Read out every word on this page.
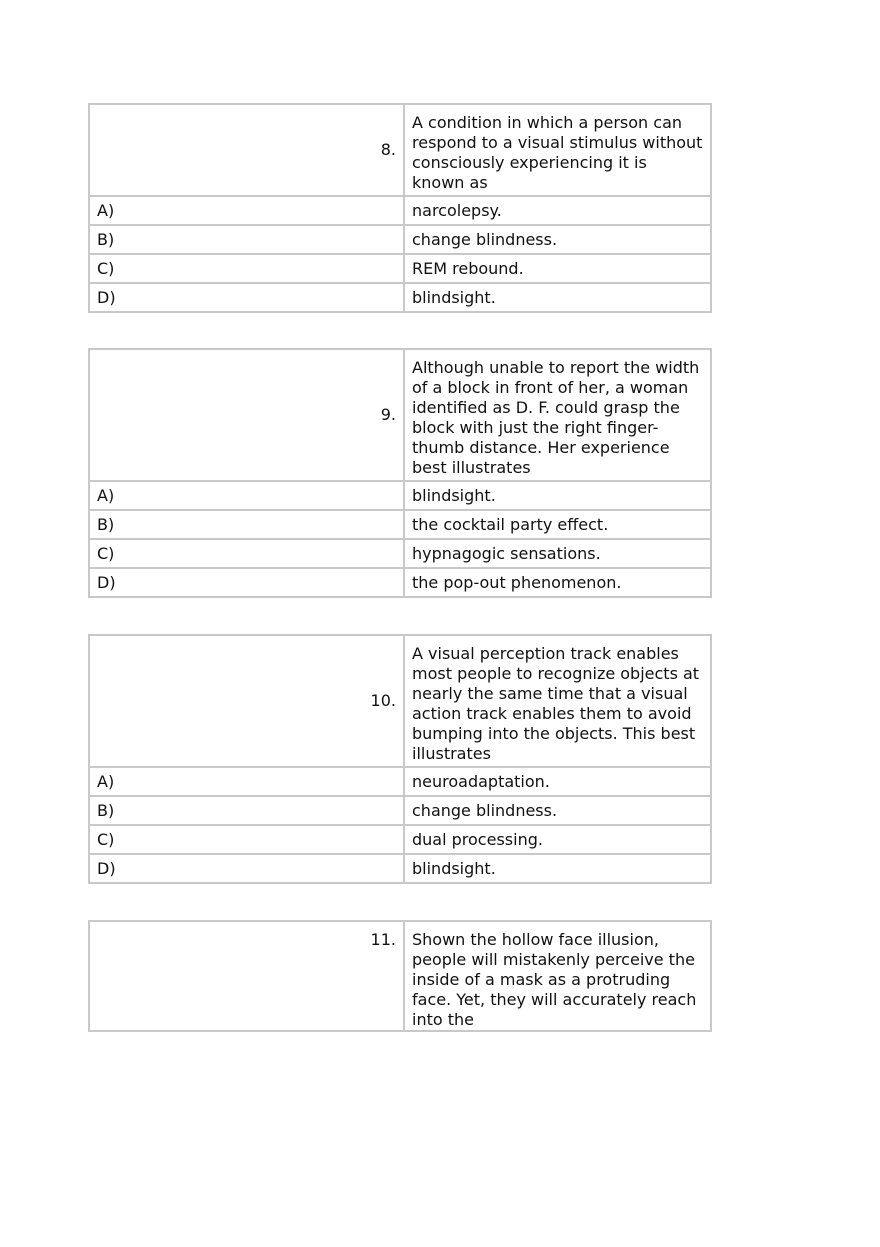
8.	A condition in which a person can respond to a visual stimulus without consciously experiencing it is known as
A)	narcolepsy.
B)	change blindness.
C)	REM rebound.
D)	blindsight.
9.	Although unable to report the width of a block in front of her, a woman identified as D. F. could grasp the block with just the right finger-thumb distance. Her experience best illustrates
A)	blindsight.
B)	the cocktail party effect.
C)	hypnagogic sensations.
D)	the pop-out phenomenon.
10.	A visual perception track enables most people to recognize objects at nearly the same time that a visual action track enables them to avoid bumping into the objects. This best illustrates
A)	neuroadaptation.
B)	change blindness.
C)	dual processing.
D)	blindsight.
11.	Shown the hollow face illusion, people will mistakenly perceive the inside of a mask as a protruding face. Yet, they will accurately reach into the
